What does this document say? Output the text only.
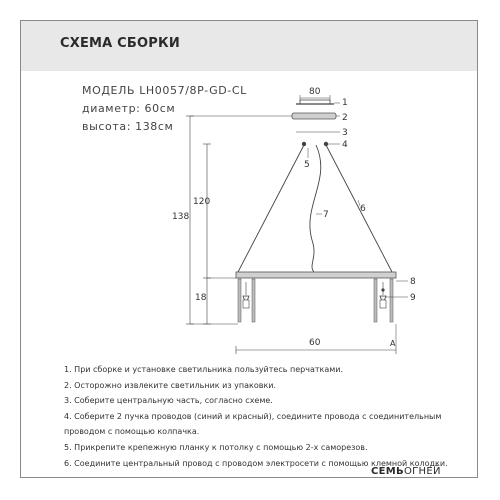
СХЕМА СБОРКИ
МОДЕЛЬ LH0057/8P-GD-CL
диаметр: 60см
высота: 138см
80
138
120
18
60	A
1
2
3
4
5
6
7
8
9
1. При сборке и установке светильника пользуйтесь перчатками.
2. Осторожно извлеките светильник из упаковки.
3. Соберите центральную часть, согласно схеме.
4. Соберите 2 пучка проводов (синий и красный), соедините провода с соединительным
проводом с помощью колпачка.
5. Прикрепите крепежную планку к потолку с помощью 2-х саморезов.
6. Соедините центральный провод с проводом электросети с помощью клемной колодки.
СЕМЬОГНЕЙ
